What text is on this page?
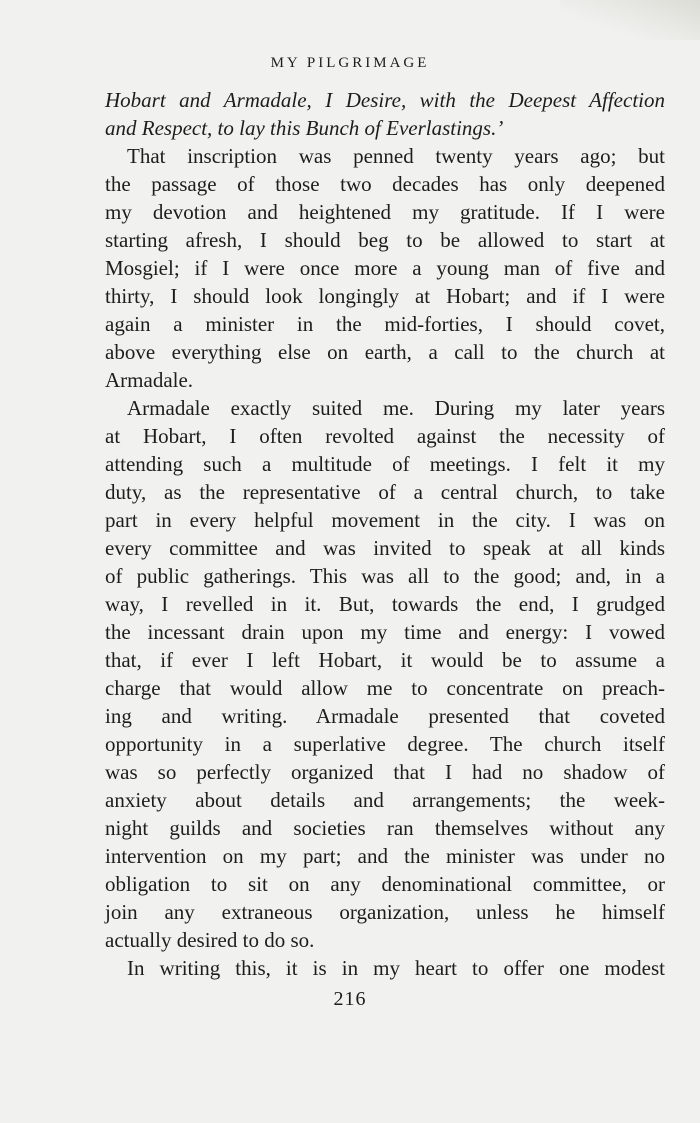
MY PILGRIMAGE
Hobart and Armadale, I Desire, with the Deepest Affection
and Respect, to lay this Bunch of Everlastings.’
That inscription was penned twenty years ago; but
the passage of those two decades has only deepened
my devotion and heightened my gratitude. If I were
starting afresh, I should beg to be allowed to start at
Mosgiel; if I were once more a young man of five and
thirty, I should look longingly at Hobart; and if I were
again a minister in the mid-forties, I should covet,
above everything else on earth, a call to the church at
Armadale.
Armadale exactly suited me. During my later years
at Hobart, I often revolted against the necessity of
attending such a multitude of meetings. I felt it my
duty, as the representative of a central church, to take
part in every helpful movement in the city. I was on
every committee and was invited to speak at all kinds
of public gatherings. This was all to the good; and, in a
way, I revelled in it. But, towards the end, I grudged
the incessant drain upon my time and energy: I vowed
that, if ever I left Hobart, it would be to assume a
charge that would allow me to concentrate on preach-
ing and writing. Armadale presented that coveted
opportunity in a superlative degree. The church itself
was so perfectly organized that I had no shadow of
anxiety about details and arrangements; the week-
night guilds and societies ran themselves without any
intervention on my part; and the minister was under no
obligation to sit on any denominational committee, or
join any extraneous organization, unless he himself
actually desired to do so.
In writing this, it is in my heart to offer one modest
216
